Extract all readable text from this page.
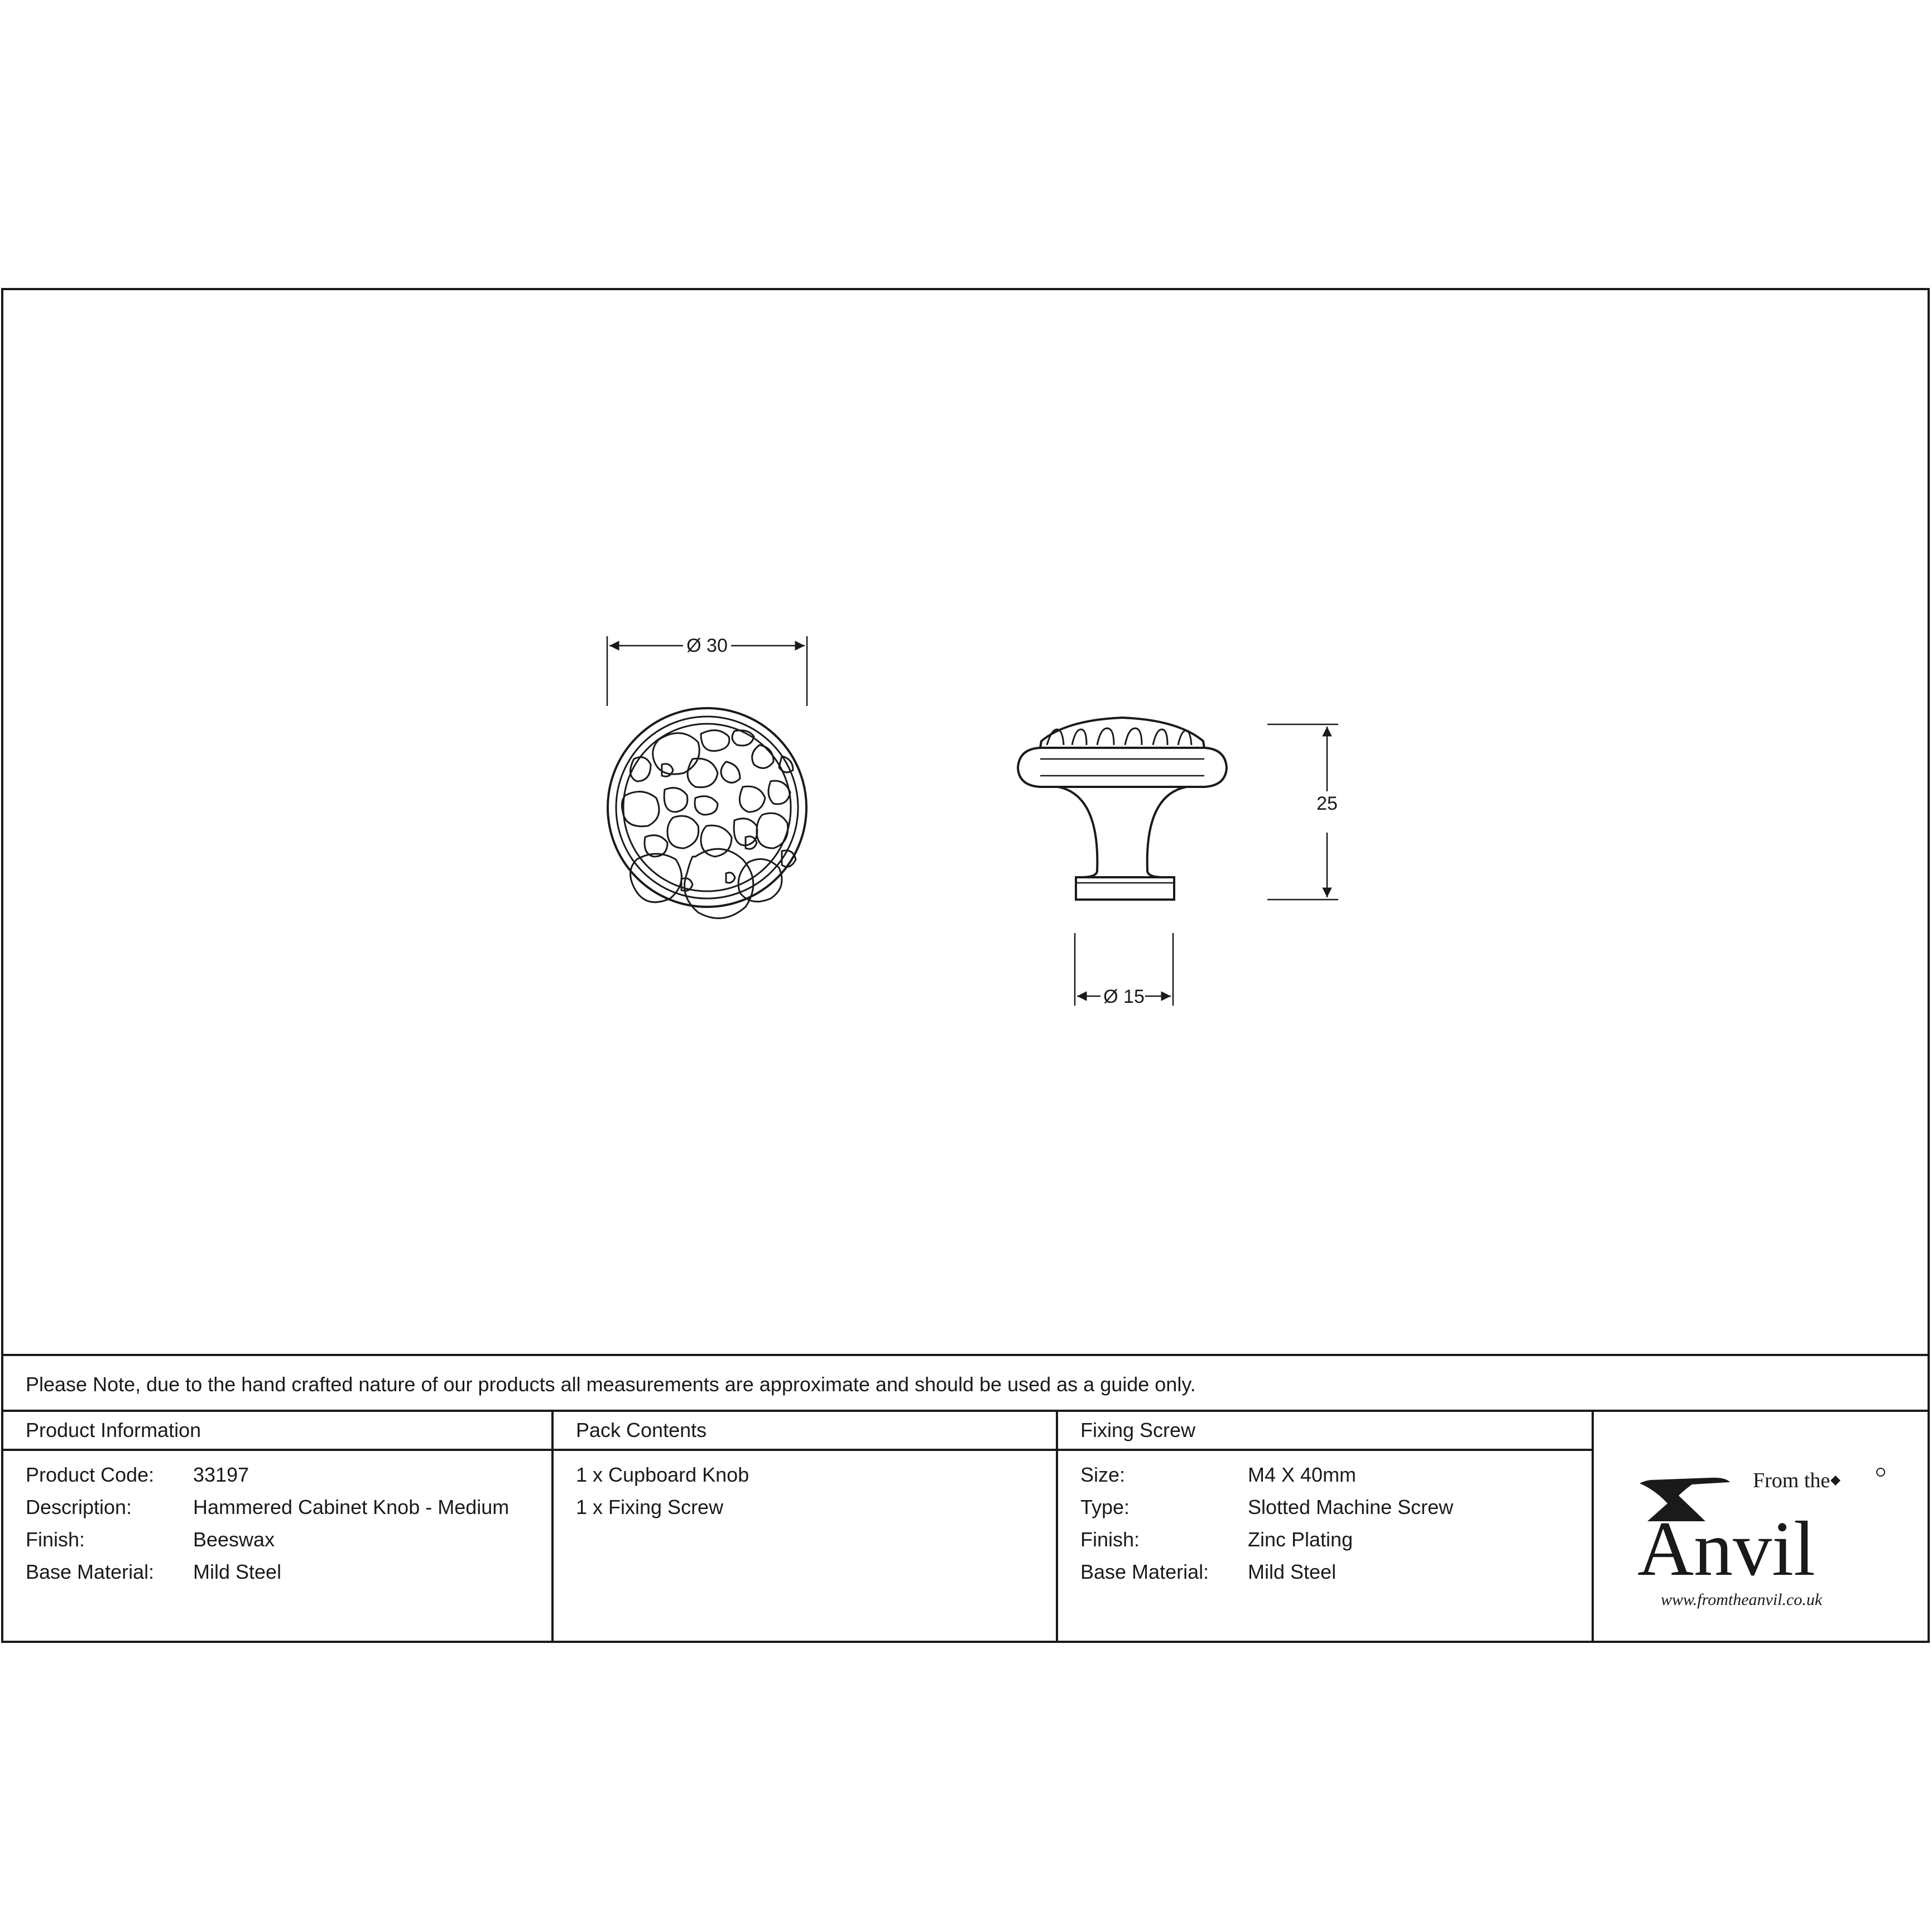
Ø 30
25
Ø 15
Please Note, due to the hand crafted nature of our products all measurements are approximate and should be used as a guide only.
Product Information
Product Code: 33197
Description:	Hammered Cabinet Knob - Medium
Finish:	Beeswax
Base Material: Mild Steel
Pack Contents
1 x Cupboard Knob
1 x Fixing Screw
Fixing Screw
Size:	M4 X 40mm
Type:	Slotted Machine Screw
Finish:	Zinc Plating
Base Material: Mild Steel
From the
Anvil
www.fromtheanvil.co.uk
